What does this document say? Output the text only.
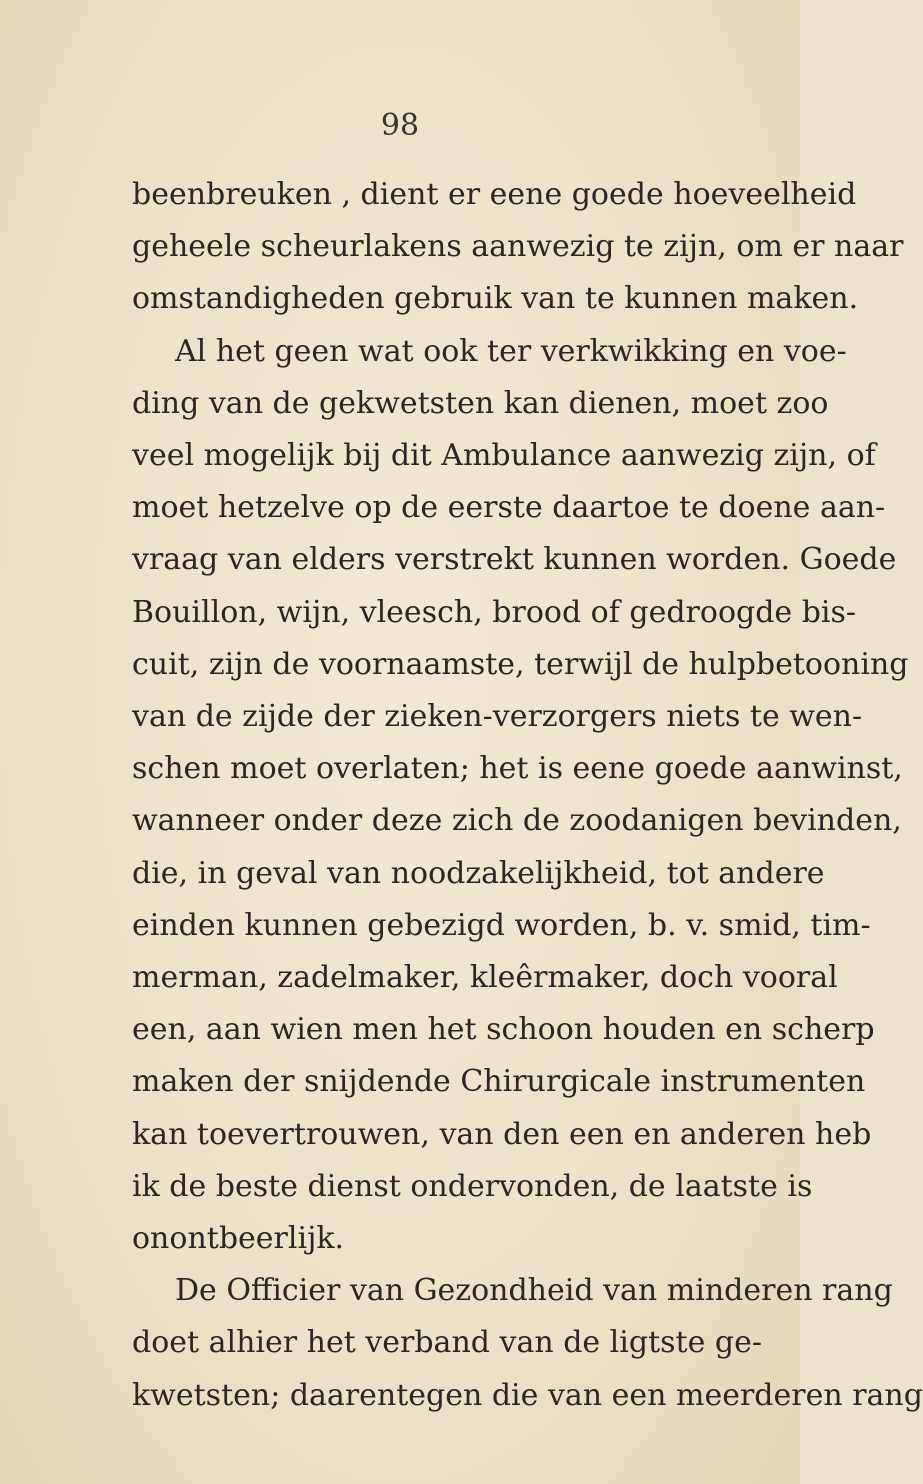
98
beenbreuken , dient er eene goede hoeveelheid
geheele scheurlakens aanwezig te zijn, om er naar
omstandigheden gebruik van te kunnen maken.
Al het geen wat ook ter verkwikking en voe-
ding van de gekwetsten kan dienen, moet zoo
veel mogelijk bij dit Ambulance aanwezig zijn, of
moet hetzelve op de eerste daartoe te doene aan-
vraag van elders verstrekt kunnen worden. Goede
Bouillon, wijn, vleesch, brood of gedroogde bis-
cuit, zijn de voornaamste, terwijl de hulpbetooning
van de zijde der zieken-verzorgers niets te wen-
schen moet overlaten; het is eene goede aanwinst,
wanneer onder deze zich de zoodanigen bevinden,
die, in geval van noodzakelijkheid, tot andere
einden kunnen gebezigd worden, b. v. smid, tim-
merman, zadelmaker, kleêrmaker, doch vooral
een, aan wien men het schoon houden en scherp
maken der snijdende Chirurgicale instrumenten
kan toevertrouwen, van den een en anderen heb
ik de beste dienst ondervonden, de laatste is
onontbeerlijk.
De Officier van Gezondheid van minderen rang
doet alhier het verband van de ligtste ge-
kwetsten; daarentegen die van een meerderen rang
